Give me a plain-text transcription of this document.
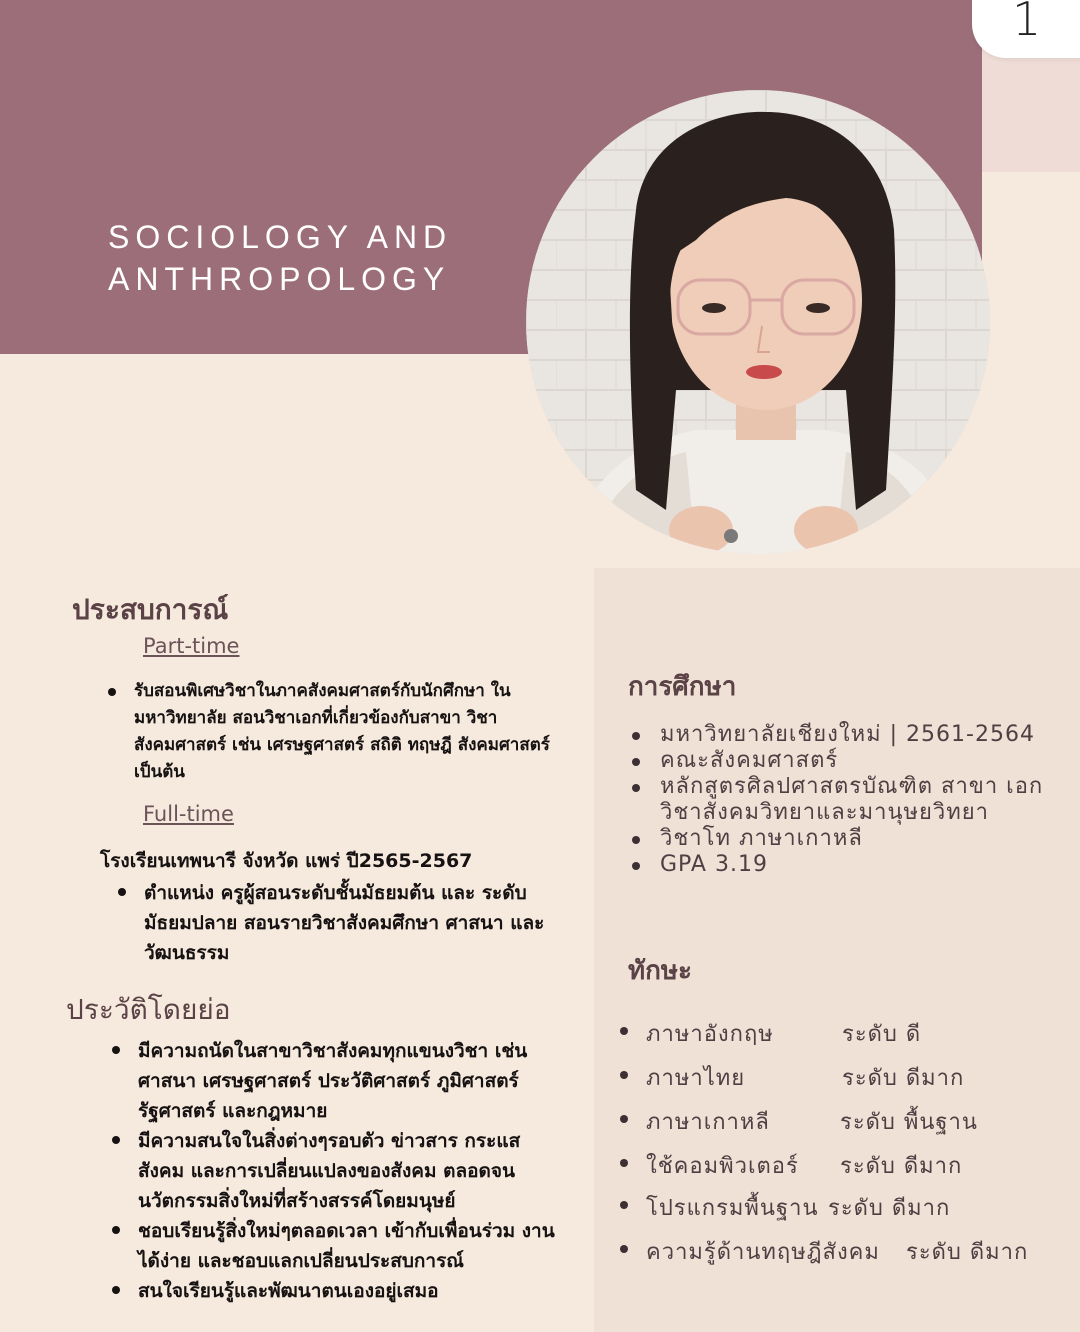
1
SOCIOLOGY AND
ANTHROPOLOGY
ประสบการณ์
Part-time
รับสอนพิเศษวิชาในภาคสังคมศาสตร์กับนักศึกษา ในมหาวิทยาลัย สอนวิชาเอกที่เกี่ยวข้องกับสาขา วิชาสังคมศาสตร์ เช่น เศรษฐศาสตร์ สถิติ ทฤษฎี สังคมศาสตร์ เป็นต้น
Full-time
โรงเรียนเทพนารี จังหวัด แพร่ ปี2565-2567
ตำแหน่ง ครูผู้สอนระดับชั้นมัธยมต้น และ ระดับมัธยมปลาย สอนรายวิชาสังคมศึกษา ศาสนา และวัฒนธรรม
ประวัติโดยย่อ
มีความถนัดในสาขาวิชาสังคมทุกแขนงวิชา เช่น ศาสนา เศรษฐศาสตร์ ประวัติศาสตร์ ภูมิศาสตร์ รัฐศาสตร์ และกฎหมาย
มีความสนใจในสิ่งต่างๆรอบตัว ข่าวสาร กระแส สังคม และการเปลี่ยนแปลงของสังคม ตลอดจน นวัตกรรมสิ่งใหม่ที่สร้างสรรค์โดยมนุษย์
ชอบเรียนรู้สิ่งใหม่ๆตลอดเวลา เข้ากับเพื่อนร่วม งานได้ง่าย และชอบแลกเปลี่ยนประสบการณ์
สนใจเรียนรู้และพัฒนาตนเองอยู่เสมอ
การศึกษา
มหาวิทยาลัยเชียงใหม่ | 2561-2564
คณะสังคมศาสตร์
หลักสูตรศิลปศาสตรบัณฑิต สาขา เอกวิชาสังคมวิทยาและมานุษยวิทยา
วิชาโท ภาษาเกาหลี
GPA 3.19
ทักษะ
ภาษาอังกฤษ	ระดับ ดี
ภาษาไทย	ระดับ ดีมาก
ภาษาเกาหลี	ระดับ พื้นฐาน
ใช้คอมพิวเตอร์ ระดับ ดีมาก
โปรแกรมพื้นฐาน ระดับ ดีมาก
ความรู้ด้านทฤษฎีสังคม ระดับ ดีมาก
